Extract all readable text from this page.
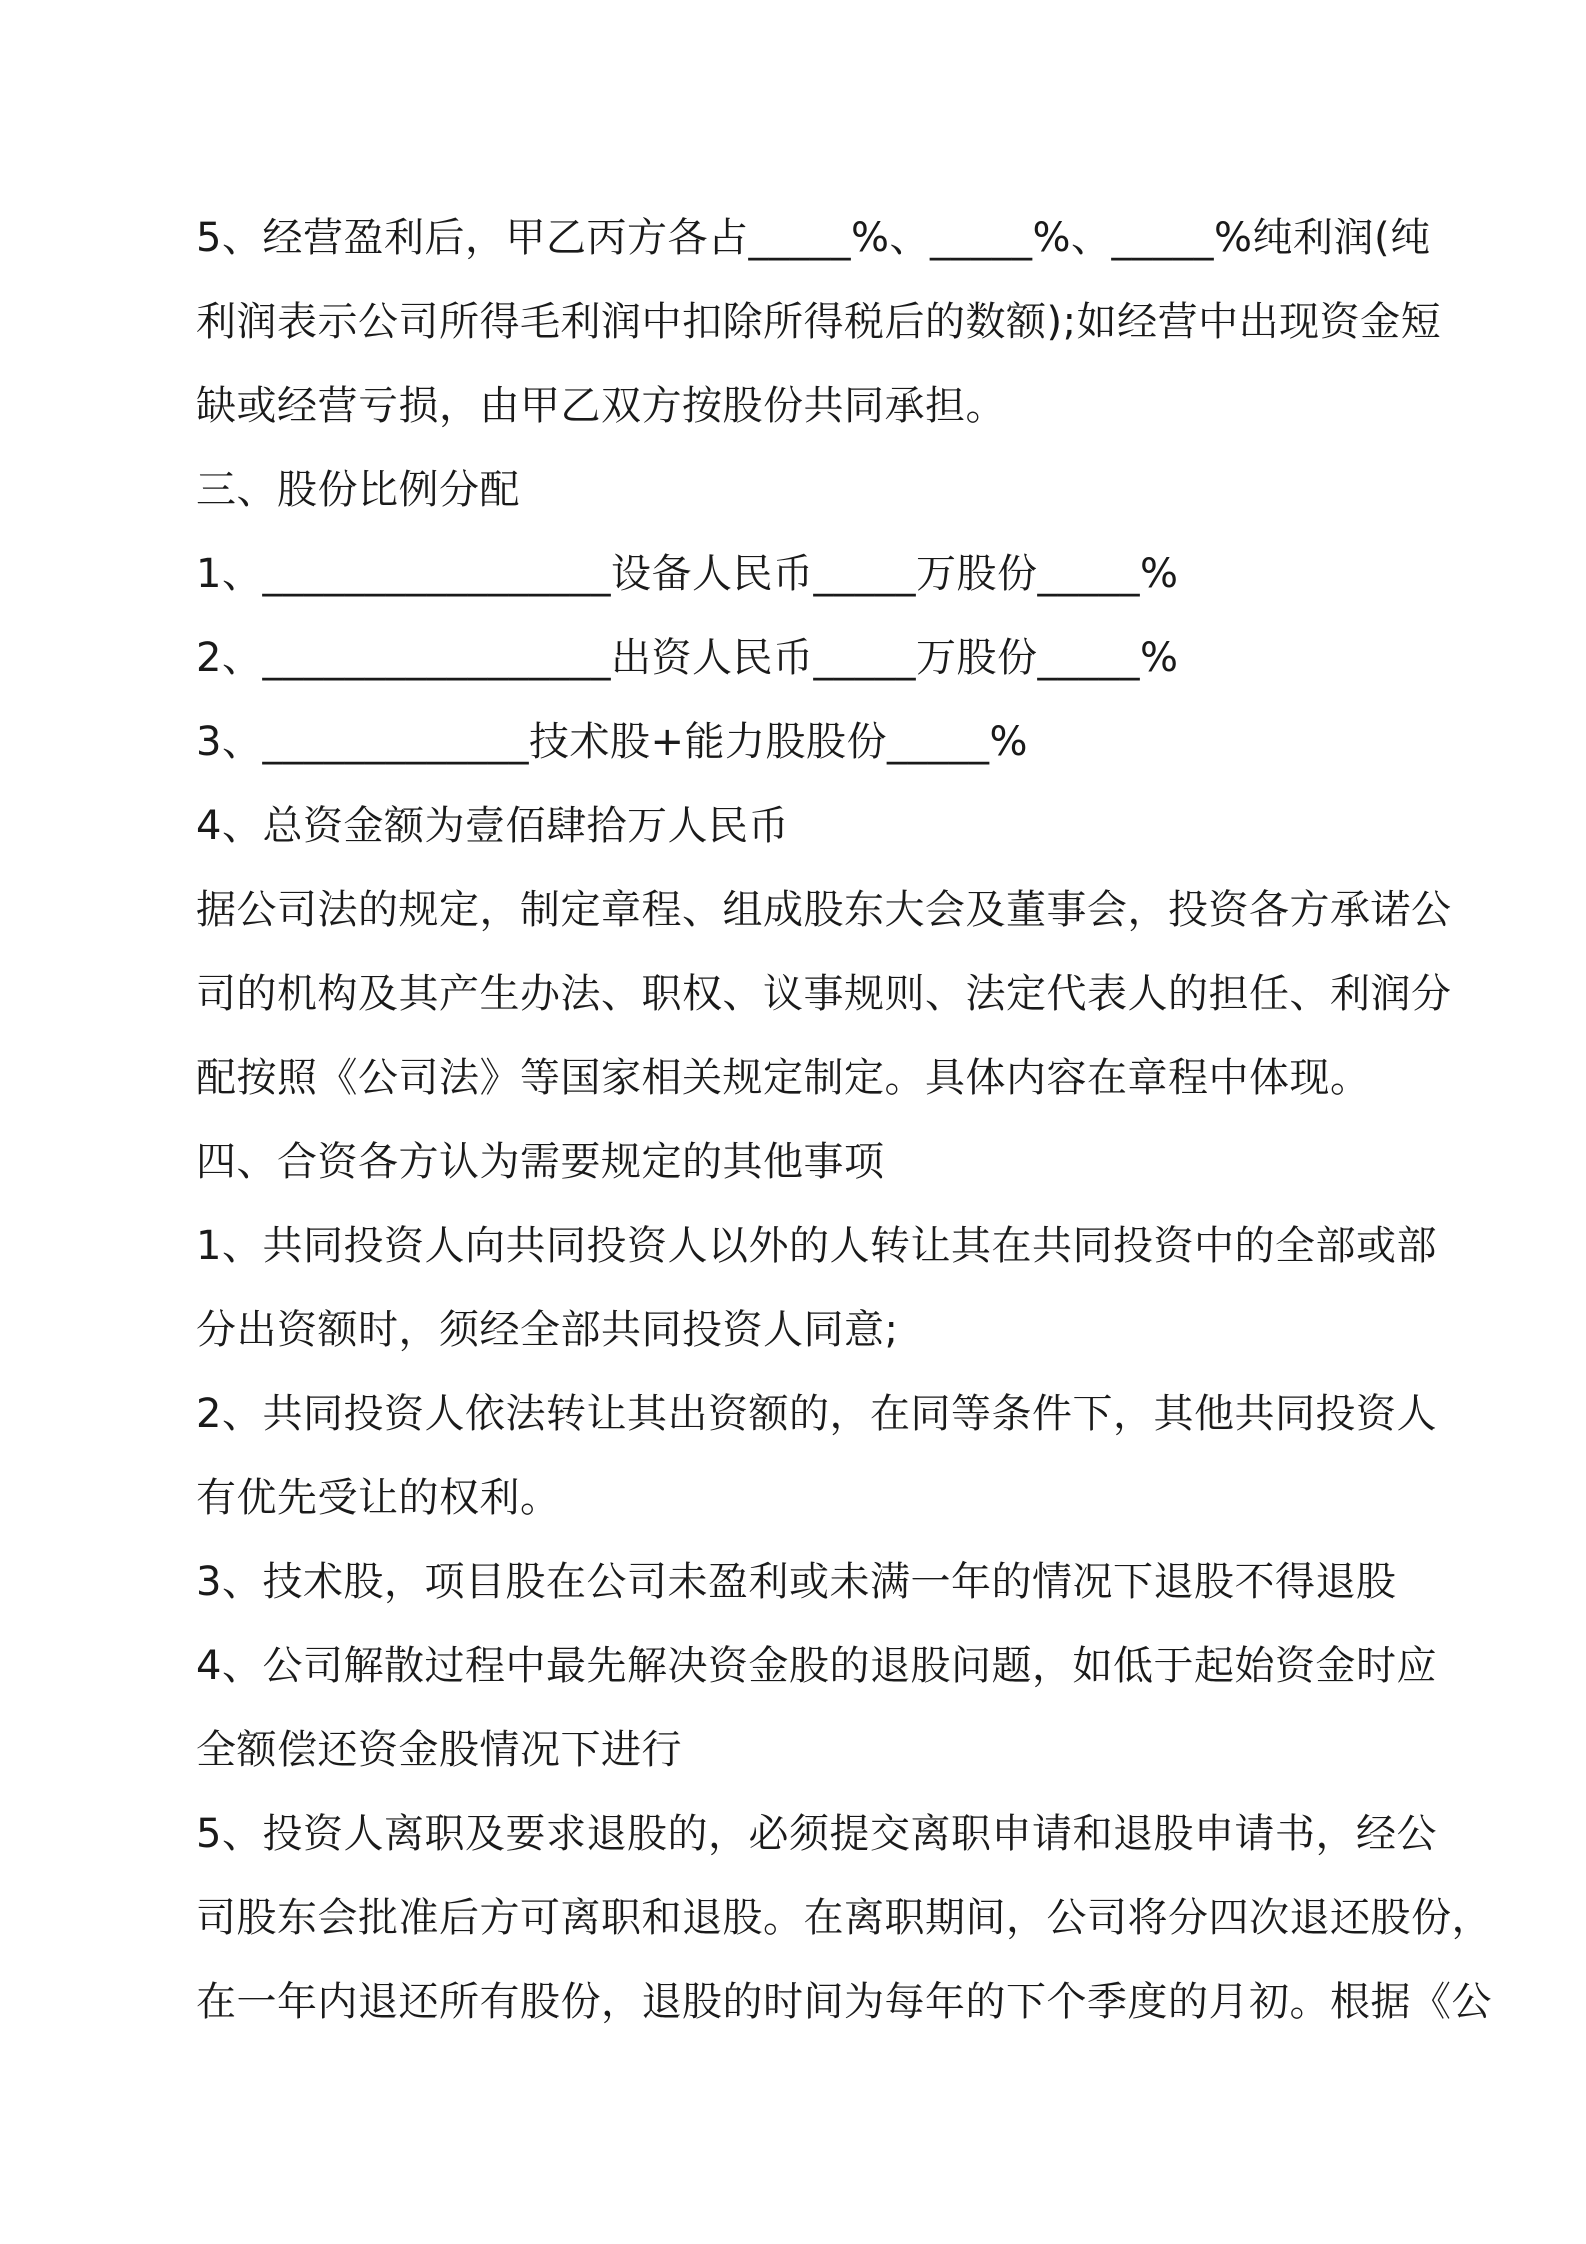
5、经营盈利后，甲乙丙方各占_____%、_____%、_____%纯利润(纯
利润表示公司所得毛利润中扣除所得税后的数额);如经营中出现资金短
缺或经营亏损，由甲乙双方按股份共同承担。
三、股份比例分配
1、_________________设备人民币_____万股份_____%
2、_________________出资人民币_____万股份_____%
3、_____________技术股+能力股股份_____%
4、总资金额为壹佰肆拾万人民币
据公司法的规定，制定章程、组成股东大会及董事会，投资各方承诺公
司的机构及其产生办法、职权、议事规则、法定代表人的担任、利润分
配按照《公司法》等国家相关规定制定。具体内容在章程中体现。
四、合资各方认为需要规定的其他事项
1、共同投资人向共同投资人以外的人转让其在共同投资中的全部或部
分出资额时，须经全部共同投资人同意;
2、共同投资人依法转让其出资额的，在同等条件下，其他共同投资人
有优先受让的权利。
3、技术股，项目股在公司未盈利或未满一年的情况下退股不得退股
4、公司解散过程中最先解决资金股的退股问题，如低于起始资金时应
全额偿还资金股情况下进行
5、投资人离职及要求退股的，必须提交离职申请和退股申请书，经公
司股东会批准后方可离职和退股。在离职期间，公司将分四次退还股份，
在一年内退还所有股份，退股的时间为每年的下个季度的月初。根据《公
